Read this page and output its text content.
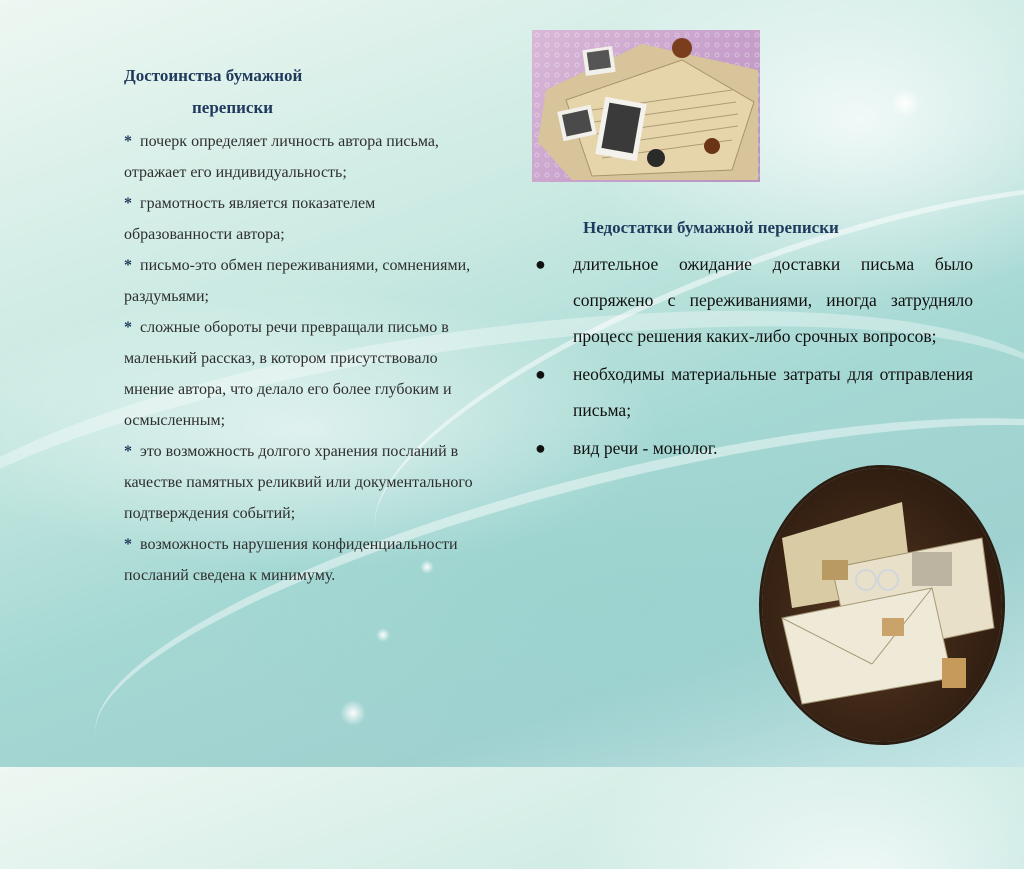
Достоинства бумажной
переписки
* почерк определяет личность автора письма, отражает его индивидуальность;
* грамотность является показателем образованности автора;
* письмо-это обмен переживаниями, сомнениями, раздумьями;
* сложные обороты речи превращали письмо в маленький рассказ, в котором присутствовало мнение автора, что делало его более глубоким и осмысленным;
* это возможность долгого хранения посланий в качестве памятных реликвий или документального подтверждения событий;
* возможность нарушения конфиденциальности посланий сведена к минимуму.
Недостатки бумажной переписки
● длительное ожидание доставки письма было сопряжено с переживаниями, иногда затрудняло процесс решения каких-либо срочных вопросов;
● необходимы материальные затраты для отправления письма;
● вид речи - монолог.
